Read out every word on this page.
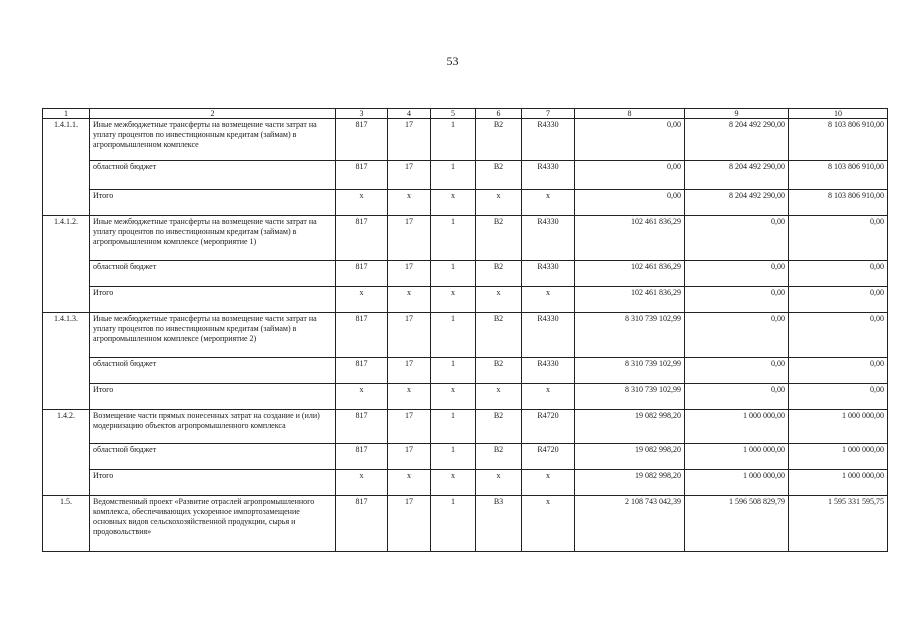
53
1	2	3	4	5	6	7	8	9	10
1.4.1.1.	Иные межбюджетные трансферты на возмещение части затрат на уплату процентов по инвестиционным кредитам (займам) в агропромышленном комплексе	817	17	1	В2	R4330	0,00	8 204 492 290,00	8 103 806 910,00
	областной бюджет	817	17	1	В2	R4330	0,00	8 204 492 290,00	8 103 806 910,00
	Итого	x	x	x	x	x	0,00	8 204 492 290,00	8 103 806 910,00
1.4.1.2.	Иные межбюджетные трансферты на возмещение части затрат на уплату процентов по инвестиционным кредитам (займам) в агропромышленном комплексе (мероприятие 1)	817	17	1	В2	R4330	102 461 836,29	0,00	0,00
	областной бюджет	817	17	1	В2	R4330	102 461 836,29	0,00	0,00
	Итого	x	x	x	x	x	102 461 836,29	0,00	0,00
1.4.1.3.	Иные межбюджетные трансферты на возмещение части затрат на уплату процентов по инвестиционным кредитам (займам) в агропромышленном комплексе (мероприятие 2)	817	17	1	В2	R4330	8 310 739 102,99	0,00	0,00
	областной бюджет	817	17	1	В2	R4330	8 310 739 102,99	0,00	0,00
	Итого	x	x	x	x	x	8 310 739 102,99	0,00	0,00
1.4.2.	Возмещение части прямых понесенных затрат на создание и (или) модернизацию объектов агропромышленного комплекса	817	17	1	В2	R4720	19 082 998,20	1 000 000,00	1 000 000,00
	областной бюджет	817	17	1	В2	R4720	19 082 998,20	1 000 000,00	1 000 000,00
	Итого	x	x	x	x	x	19 082 998,20	1 000 000,00	1 000 000,00
1.5.	Ведомственный проект «Развитие отраслей агропромышленного комплекса, обеспечивающих ускоренное импортозамещение основных видов сельскохозяйственной продукции, сырья и продовольствия»	817	17	1	В3	x	2 108 743 042,39	1 596 508 829,79	1 595 331 595,75
